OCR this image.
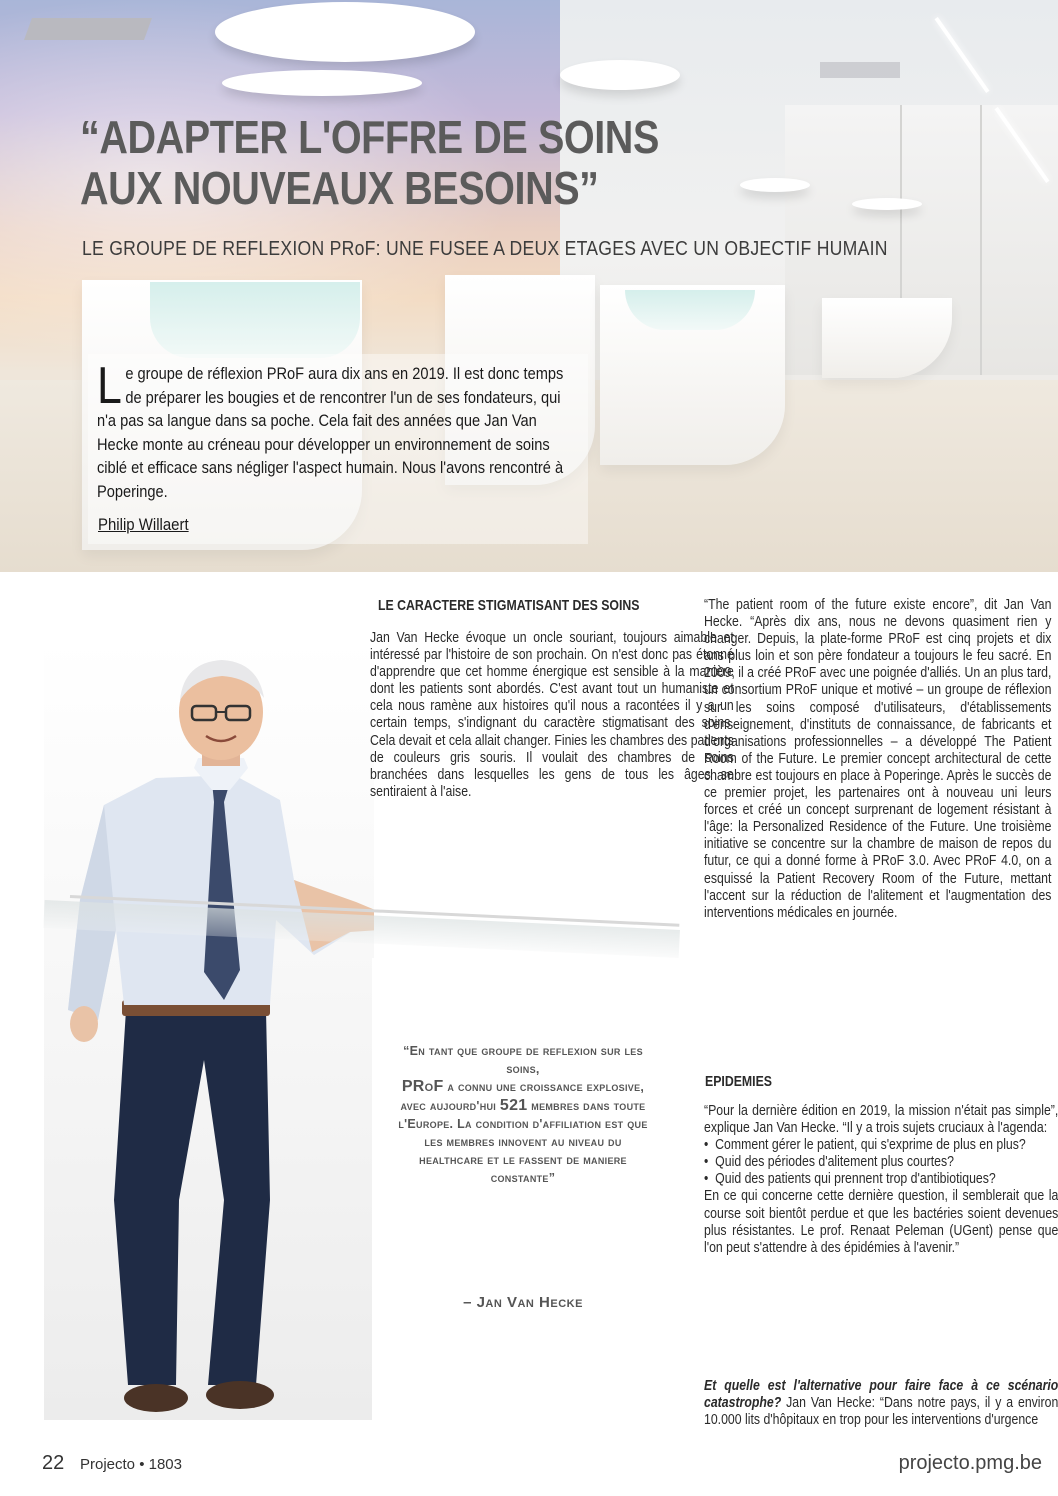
“ADAPTER L'OFFRE DE SOINS
AUX NOUVEAUX BESOINS”

LE GROUPE DE REFLEXION PRoF: UNE FUSEE A DEUX ETAGES AVEC UN OBJECTIF HUMAIN

Le groupe de réflexion PRoF aura dix ans en 2019. Il est donc temps de préparer les bougies et de rencontrer l'un de ses fondateurs, qui n'a pas sa langue dans sa poche. Cela fait des années que Jan Van Hecke monte au créneau pour développer un environnement de soins ciblé et efficace sans négliger l'aspect humain. Nous l'avons rencontré à Poperinge.

Philip Willaert
LE CARACTERE STIGMATISANT DES SOINS

Jan Van Hecke évoque un oncle souriant, toujours aimable et intéressé par l'histoire de son prochain. On n'est donc pas étonné d'apprendre que cet homme énergique est sensible à la manière dont les patients sont abordés. C'est avant tout un humaniste et cela nous ramène aux histoires qu'il nous a racontées il y a un certain temps, s'indignant du caractère stigmatisant des soins. Cela devait et cela allait changer. Finies les chambres des patients de couleurs gris souris. Il voulait des chambres de soins branchées dans lesquelles les gens de tous les âges se sentiraient à l'aise.

“En tant que groupe de reflexion sur les soins,
PRoF a connu une croissance explosive, avec aujourd'hui 521 membres dans toute l'Europe. La condition d'affiliation est que les membres innovent au niveau du healthcare et le fassent de maniere constante”

– Jan Van Hecke

“The patient room of the future existe encore”, dit Jan Van Hecke. “Après dix ans, nous ne devons quasiment rien y changer. Depuis, la plate-forme PRoF est cinq projets et dix ans plus loin et son père fondateur a toujours le feu sacré. En 2009, il a créé PRoF avec une poignée d'alliés. Un an plus tard, un consortium PRoF unique et motivé – un groupe de réflexion sur les soins composé d'utilisateurs, d'établissements d'enseignement, d'instituts de connaissance, de fabricants et d'organisations professionnelles – a développé The Patient Room of the Future. Le premier concept architectural de cette chambre est toujours en place à Poperinge. Après le succès de ce premier projet, les partenaires ont à nouveau uni leurs forces et créé un concept surprenant de logement résistant à l'âge: la Personalized Residence of the Future. Une troisième initiative se concentre sur la chambre de maison de repos du futur, ce qui a donné forme à PRoF 3.0. Avec PRoF 4.0, on a esquissé la Patient Recovery Room of the Future, mettant l'accent sur la réduction de l'alitement et l'augmentation des interventions médicales en journée.

EPIDEMIES

“Pour la dernière édition en 2019, la mission n'était pas simple”, explique Jan Van Hecke. “Il y a trois sujets cruciaux à l'agenda:

• Comment gérer le patient, qui s'exprime de plus en plus?
• Quid des périodes d'alitement plus courtes?
• Quid des patients qui prennent trop d'antibiotiques?

En ce qui concerne cette dernière question, il semblerait que la course soit bientôt perdue et que les bactéries soient devenues plus résistantes. Le prof. Renaat Peleman (UGent) pense que l'on peut s'attendre à des épidémies à l'avenir.”

Et quelle est l'alternative pour faire face à ce scénario catastrophe? Jan Van Hecke: “Dans notre pays, il y a environ 10.000 lits d'hôpitaux en trop pour les interventions d'urgence

22 Projecto • 1803	projecto.pmg.be
